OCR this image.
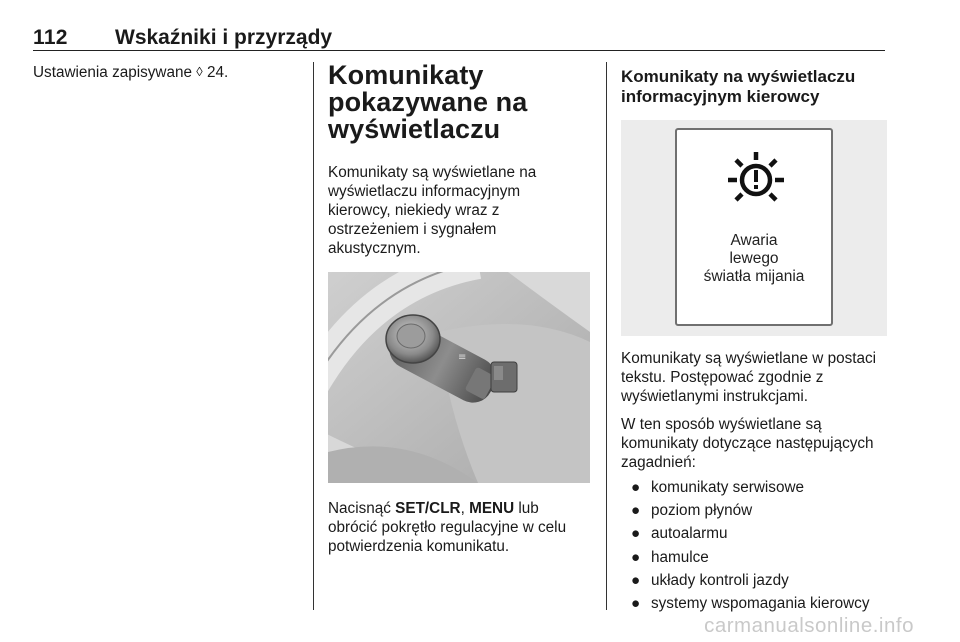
112 Wskaźniki i przyrządy

Ustawienia zapisywane ◊ 24.	Komunikaty
pokazywane na
wyświetlaczu

Komunikaty są wyświetlane na
wyświetlaczu informacyjnym
kierowcy, niekiedy wraz z
ostrzeżeniem i sygnałem
akustycznym.

≡

Nacisnąć SET/CLR, MENU lub
obrócić pokrętło regulacyjne w celu
potwierdzenia komunikatu.

Komunikaty na wyświetlaczu
informacyjnym kierowcy
Awaria
lewego
światła mijania

Komunikaty są wyświetlane w postaci
tekstu. Postępować zgodnie z
wyświetlanymi instrukcjami.

W ten sposób wyświetlane są
komunikaty dotyczące następujących
zagadnień:

● komunikaty serwisowe
● poziom płynów
● autoalarmu
● hamulce
● układy kontroli jazdy
● systemy wspomagania kierowcy
carmanualsonline.info
